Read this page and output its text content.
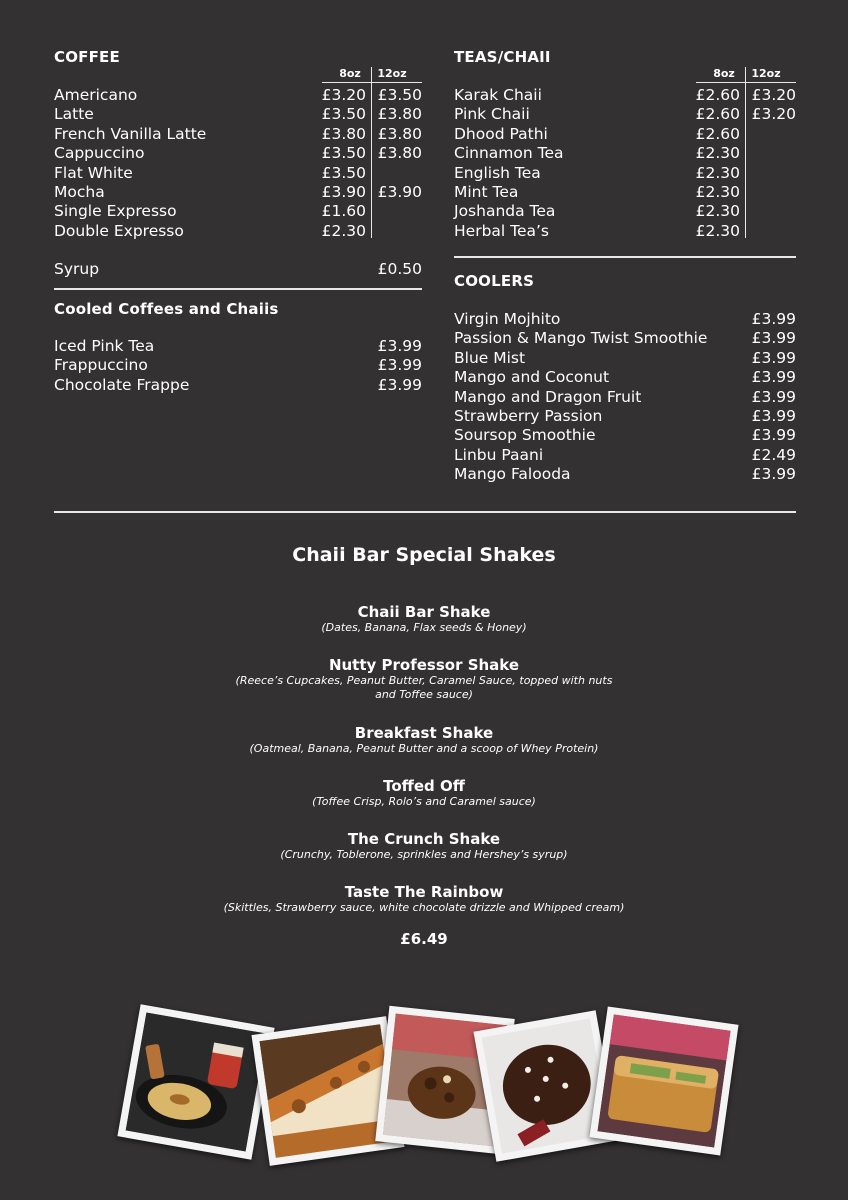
COFFEE
8oz	12oz
Americano	£3.20 £3.50
Latte	£3.50 £3.80
French Vanilla Latte	£3.80 £3.80
Cappuccino	£3.50 £3.80
Flat White	£3.50
Mocha	£3.90 £3.90
Single Expresso	£1.60
Double Expresso	£2.30
Syrup	£0.50
Cooled Coffees and Chaiis
Iced Pink Tea	£3.99
Frappuccino	£3.99
Chocolate Frappe	£3.99
TEAS/CHAII
8oz	12oz
Karak Chaii	£2.60 £3.20
Pink Chaii	£2.60 £3.20
Dhood Pathi	£2.60
Cinnamon Tea	£2.30
English Tea	£2.30
Mint Tea	£2.30
Joshanda Tea	£2.30
Herbal Tea’s	£2.30
COOLERS
Virgin Mojhito	£3.99
Passion & Mango Twist Smoothie	£3.99
Blue Mist	£3.99
Mango and Coconut	£3.99
Mango and Dragon Fruit	£3.99
Strawberry Passion	£3.99
Soursop Smoothie	£3.99
Linbu Paani	£2.49
Mango Falooda	£3.99
Chaii Bar Special Shakes
Chaii Bar Shake
(Dates, Banana, Flax seeds & Honey)
Nutty Professor Shake
(Reece’s Cupcakes, Peanut Butter, Caramel Sauce, topped with nuts
and Toffee sauce)
Breakfast Shake
(Oatmeal, Banana, Peanut Butter and a scoop of Whey Protein)
Toffed Off
(Toffee Crisp, Rolo’s and Caramel sauce)
The Crunch Shake
(Crunchy, Toblerone, sprinkles and Hershey’s syrup)
Taste The Rainbow
(Skittles, Strawberry sauce, white chocolate drizzle and Whipped cream)
£6.49
